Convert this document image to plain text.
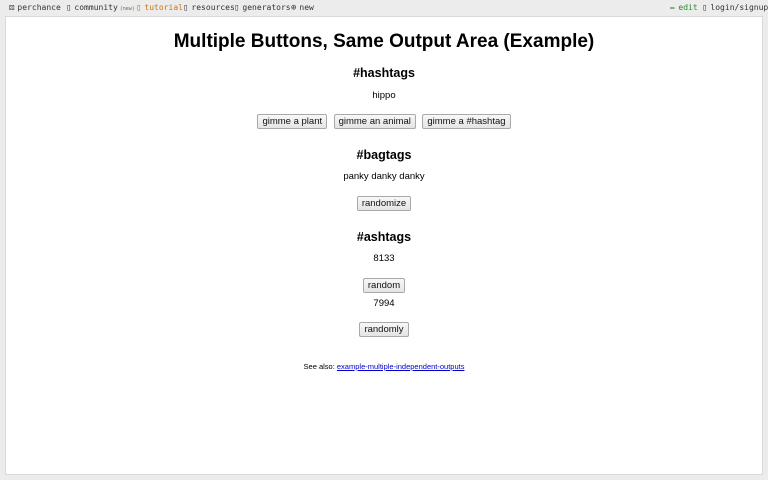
⚄ perchance ▯ community (new) ▯ tutorial ▯ resources ▯ generators ⊕ new	✏ edit ▯ login/signup
Multiple Buttons, Same Output Area (Example)
#hashtags
hippo
gimme a plant gimme an animal gimme a #hashtag
#bagtags
panky danky danky
randomize
#ashtags
8133
random
7994
randomly
See also: example-multiple-independent-outputs
